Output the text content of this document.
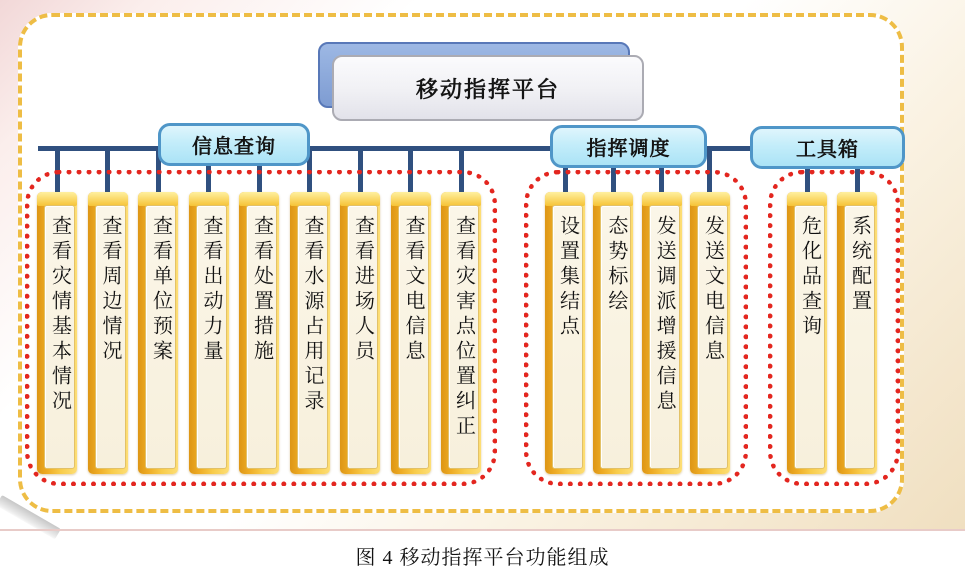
移动指挥平台
信息查询	指挥调度	工具箱
查看灾情基本情况 查看周边情况 查看单位预案 查看出动力量 查看处置措施 查看水源占用记录 查看进场人员 查看文电信息 查看灾害点位置纠正	设置集结点 态势标绘 发送调派增援信息 发送文电信息	危化品查询 系统配置
图 4 移动指挥平台功能组成
